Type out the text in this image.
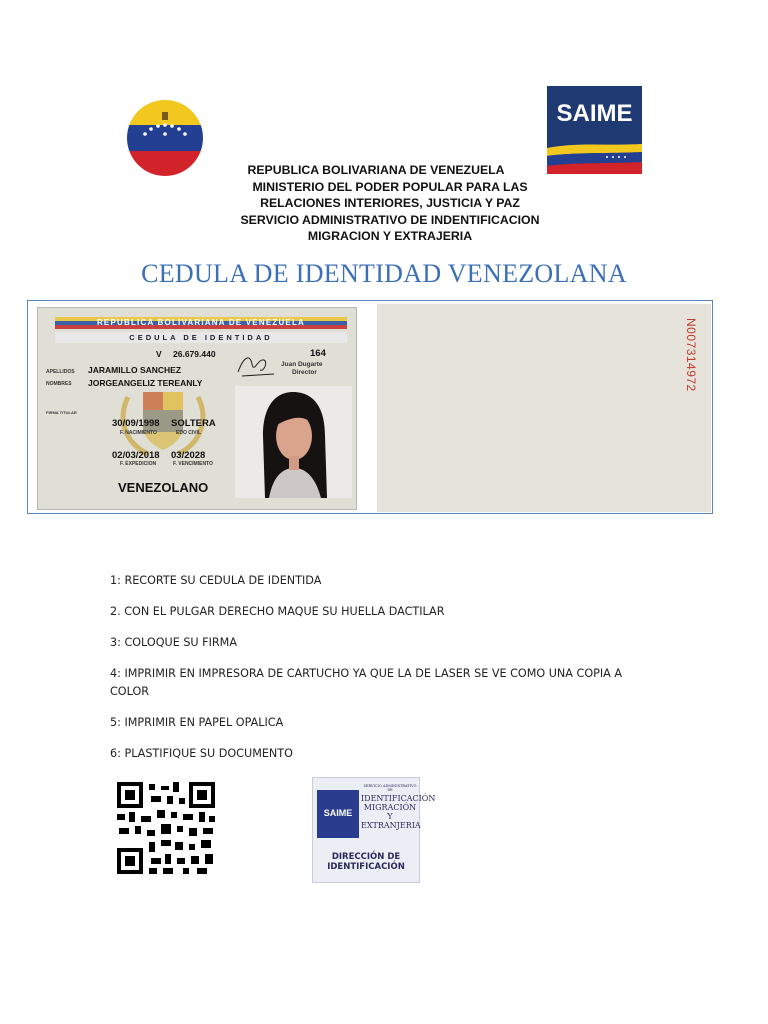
SAIME
REPUBLICA BOLIVARIANA DE VENEZUELA
MINISTERIO DEL PODER POPULAR PARA LAS
RELACIONES INTERIORES, JUSTICIA Y PAZ
SERVICIO ADMINISTRATIVO DE INDENTIFICACION
MIGRACION Y EXTRAJERIA
CEDULA DE IDENTIDAD VENEZOLANA
N007314972
REPUBLICA BOLIVARIANA DE VENEZUELA
CEDULA DE IDENTIDAD
V 26.679.440	164
Juan Dugarte
Director
APELLIDOS JARAMILLO SANCHEZ
NOMBRES JORGEANGELIZ TEREANLY
FIRMA TITULAR
30/09/1998 SOLTERA
F. NACIMIENTO	EDO CIVIL
02/03/2018 03/2028
F. EXPEDICION	F. VENCIMIENTO
VENEZOLANO

1: RECORTE SU CEDULA DE IDENTIDA

2. CON EL PULGAR DERECHO MAQUE SU HUELLA DACTILAR

3: COLOQUE SU FIRMA

4: IMPRIMIR EN IMPRESORA DE CARTUCHO YA QUE LA DE LASER SE VE COMO UNA COPIA A COLOR

5: IMPRIMIR EN PAPEL OPALICA

6: PLASTIFIQUE SU DOCUMENTO

SAIME
SERVICIO ADMINISTRATIVO DE
IDENTIFICACIÓN MIGRACIÓN Y EXTRANJERIA
DIRECCIÓN DE
IDENTIFICACIÓN
